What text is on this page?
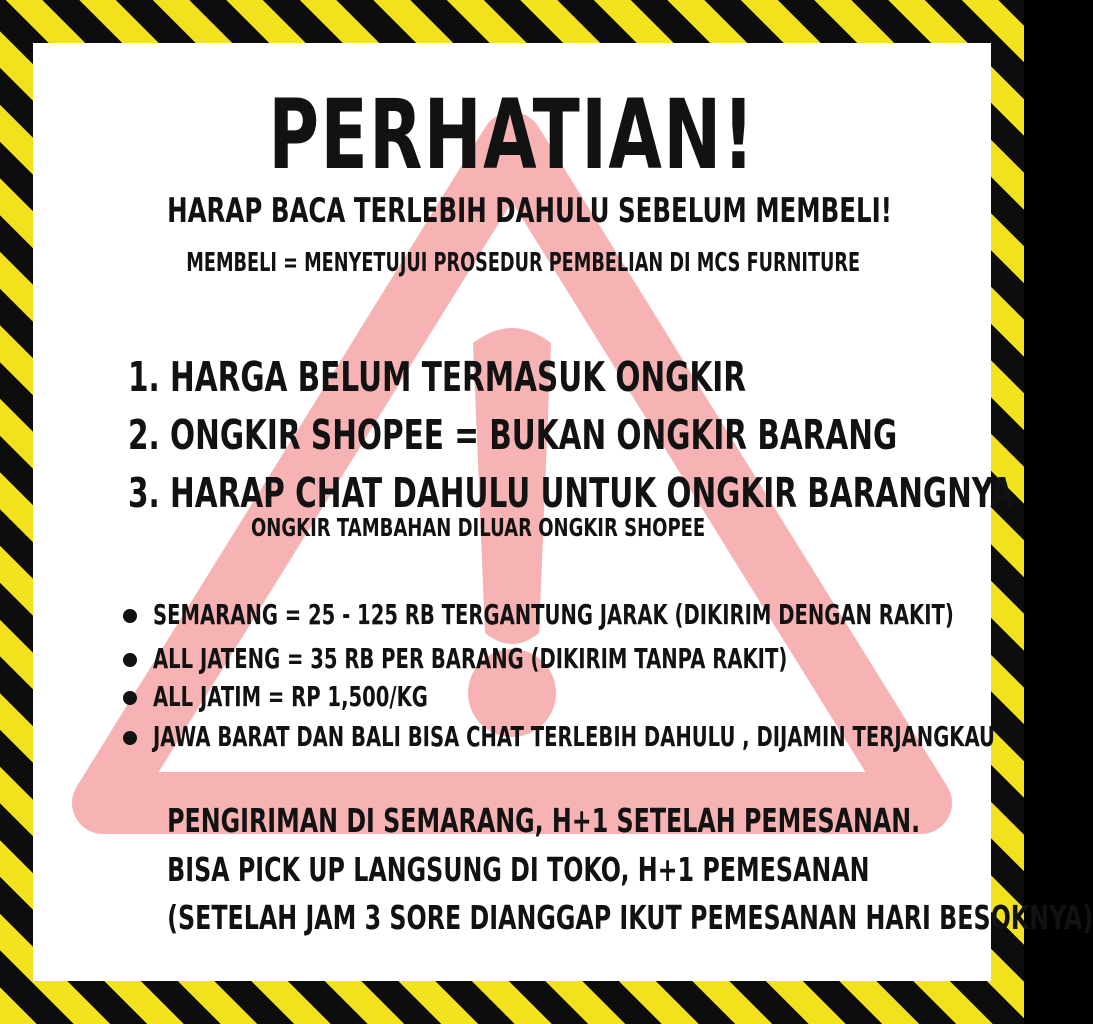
PERHATIAN!
HARAP BACA TERLEBIH DAHULU SEBELUM MEMBELI!
MEMBELI = MENYETUJUI PROSEDUR PEMBELIAN DI MCS FURNITURE
1. HARGA BELUM TERMASUK ONGKIR
2. ONGKIR SHOPEE = BUKAN ONGKIR BARANG
3. HARAP CHAT DAHULU UNTUK ONGKIR BARANGNYA
ONGKIR TAMBAHAN DILUAR ONGKIR SHOPEE
SEMARANG = 25 - 125 RB TERGANTUNG JARAK (DIKIRIM DENGAN RAKIT)
ALL JATENG = 35 RB PER BARANG (DIKIRIM TANPA RAKIT)
ALL JATIM = RP 1,500/KG
JAWA BARAT DAN BALI BISA CHAT TERLEBIH DAHULU , DIJAMIN TERJANGKAU
PENGIRIMAN DI SEMARANG, H+1 SETELAH PEMESANAN.
BISA PICK UP LANGSUNG DI TOKO, H+1 PEMESANAN
(SETELAH JAM 3 SORE DIANGGAP IKUT PEMESANAN HARI BESOKNYA)
